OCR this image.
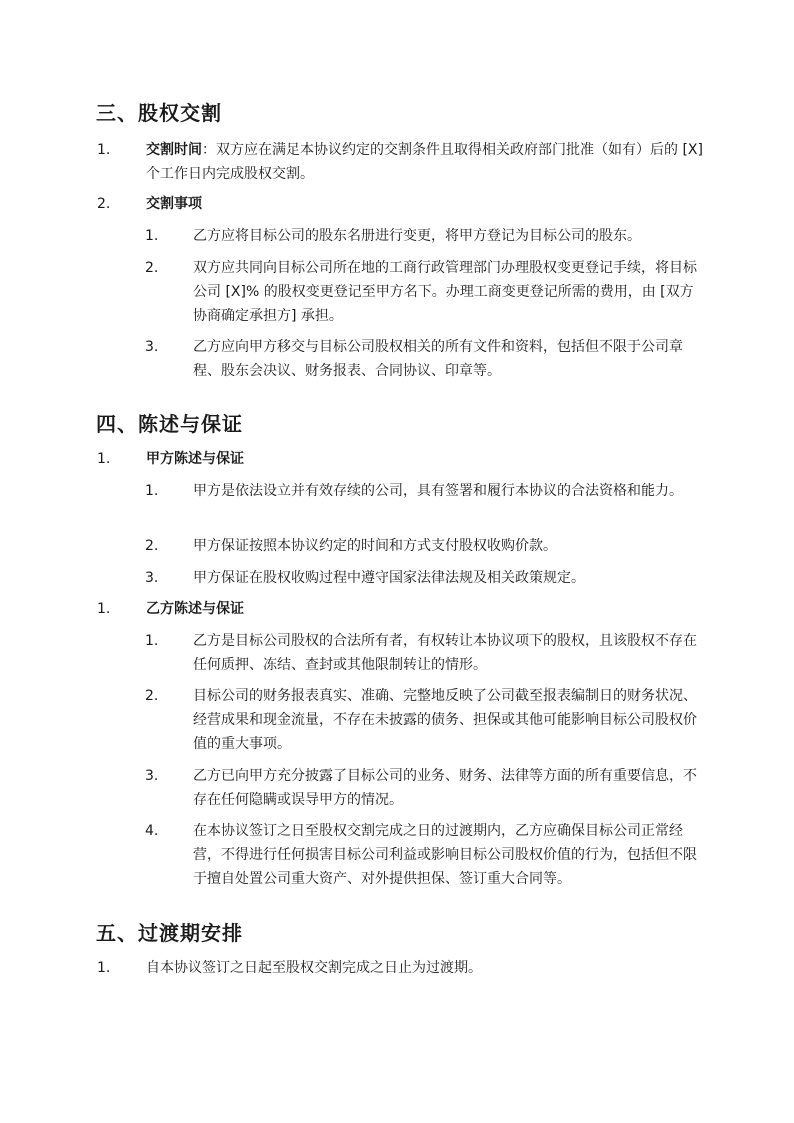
三、股权交割
1.	交割时间：双方应在满足本协议约定的交割条件且取得相关政府部门批准（如有）后的 [X] 个工作日内完成股权交割。
2.	交割事项
1. 乙方应将目标公司的股东名册进行变更，将甲方登记为目标公司的股东。
2. 双方应共同向目标公司所在地的工商行政管理部门办理股权变更登记手续，将目标公司 [X]% 的股权变更登记至甲方名下。办理工商变更登记所需的费用，由 [双方协商确定承担方] 承担。
3. 乙方应向甲方移交与目标公司股权相关的所有文件和资料，包括但不限于公司章程、股东会决议、财务报表、合同协议、印章等。
四、陈述与保证
1.	甲方陈述与保证
1. 甲方是依法设立并有效存续的公司，具有签署和履行本协议的合法资格和能力。
2. 甲方保证按照本协议约定的时间和方式支付股权收购价款。
3. 甲方保证在股权收购过程中遵守国家法律法规及相关政策规定。
1.	乙方陈述与保证
1. 乙方是目标公司股权的合法所有者，有权转让本协议项下的股权，且该股权不存在任何质押、冻结、查封或其他限制转让的情形。
2. 目标公司的财务报表真实、准确、完整地反映了公司截至报表编制日的财务状况、经营成果和现金流量，不存在未披露的债务、担保或其他可能影响目标公司股权价值的重大事项。
3. 乙方已向甲方充分披露了目标公司的业务、财务、法律等方面的所有重要信息，不存在任何隐瞒或误导甲方的情况。
4. 在本协议签订之日至股权交割完成之日的过渡期内，乙方应确保目标公司正常经营，不得进行任何损害目标公司利益或影响目标公司股权价值的行为，包括但不限于擅自处置公司重大资产、对外提供担保、签订重大合同等。
五、过渡期安排
1.	自本协议签订之日起至股权交割完成之日止为过渡期。
